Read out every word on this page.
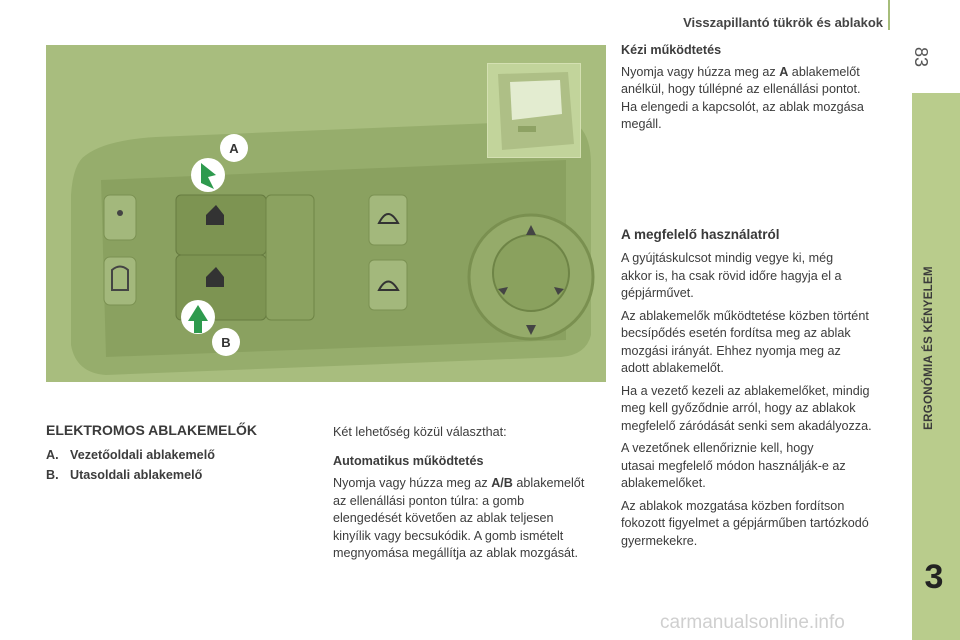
Visszapillantó tükrök és ablakok
83
ERGONÓMIA ÉS KÉNYELEM
3
A
B
ELEKTROMOS ABLAKEMELŐK
A. Vezetőoldali ablakemelő
B. Utasoldali ablakemelő

Két lehetőség közül választhat:

Automatikus működtetés

Nyomja vagy húzza meg az A/B ablakemelőt

az ellenállási ponton túlra: a gomb

elengedését követően az ablak teljesen

kinyílik vagy becsukódik. A gomb ismételt

megnyomása megállítja az ablak mozgását.

Kézi működtetés

Nyomja vagy húzza meg az A ablakemelőt

anélkül, hogy túllépné az ellenállási pontot.

Ha elengedi a kapcsolót, az ablak mozgása

megáll.

A megfelelő használatról

A gyújtáskulcsot mindig vegye ki, még

akkor is, ha csak rövid időre hagyja el a

gépjárművet.

Az ablakemelők működtetése közben történt

becsípődés esetén fordítsa meg az ablak

mozgási irányát. Ehhez nyomja meg az

adott ablakemelőt.

Ha a vezető kezeli az ablakemelőket, mindig

meg kell győződnie arról, hogy az ablakok

megfelelő záródását senki sem akadályozza.

A vezetőnek ellenőriznie kell, hogy

utasai megfelelő módon használják-e az

ablakemelőket.

Az ablakok mozgatása közben fordítson

fokozott figyelmet a gépjárműben tartózkodó

gyermekekre.

carmanualsonline.info
